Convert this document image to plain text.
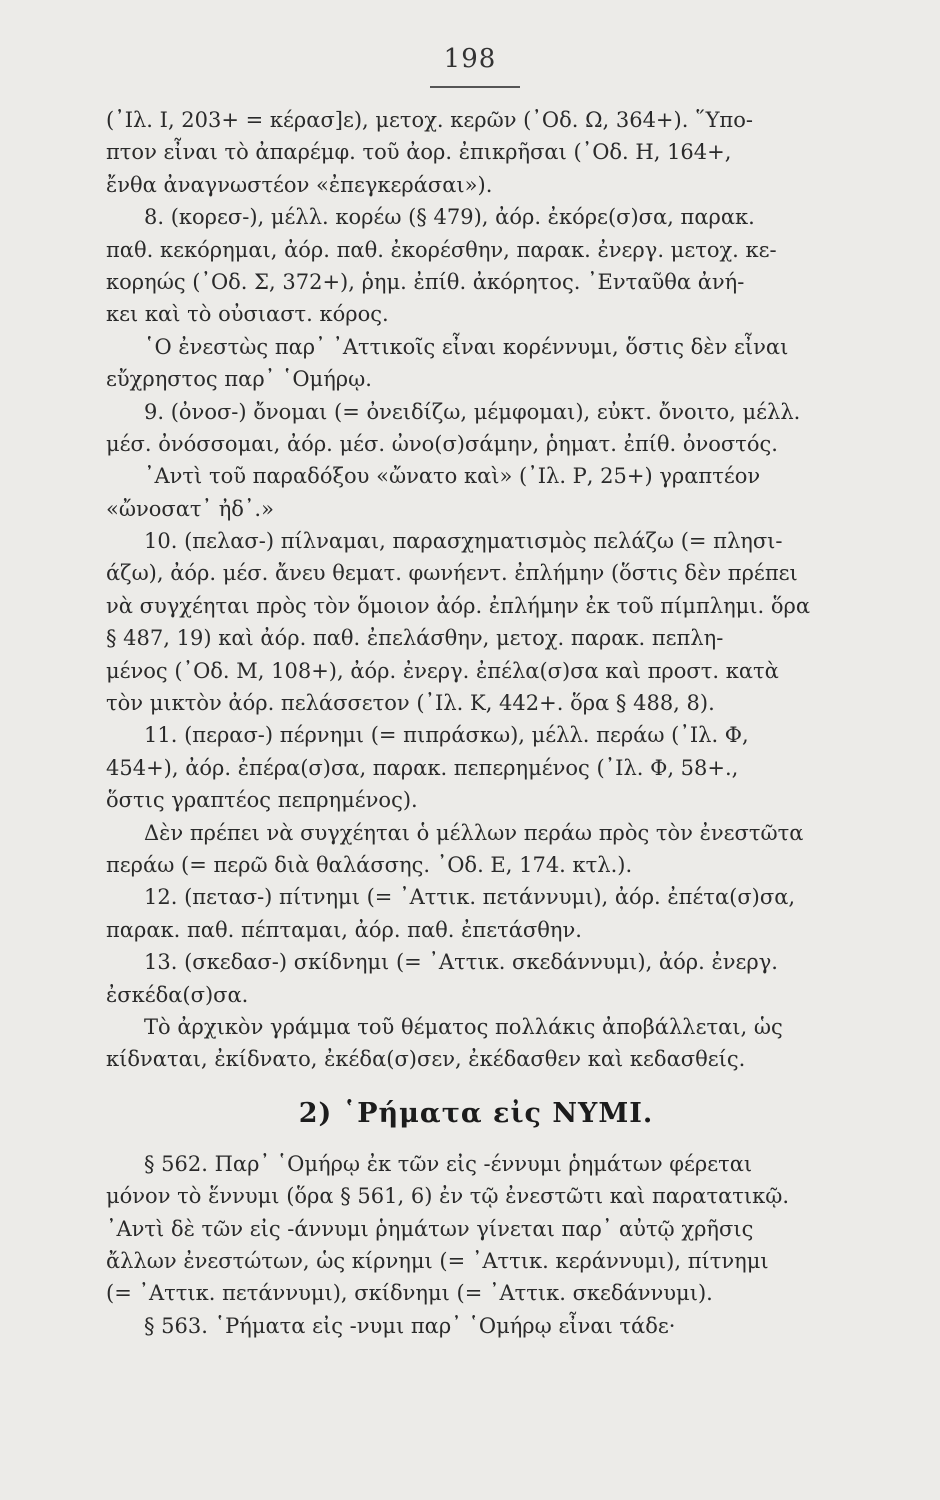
198
(᾿Ιλ. Ι, 203+ = κέρασ]ε), μετοχ. κερῶν (᾿Οδ. Ω, 364+). ῞Υπο-
πτον εἶναι τὸ ἀπαρέμφ. τοῦ ἀορ. ἐπικρῆσαι (᾿Οδ. Η, 164+,
ἔνθα ἀναγνωστέον «ἐπεγκεράσαι»).
8. (κορεσ-), μέλλ. κορέω (§ 479), ἀόρ. ἐκόρε(σ)σα, παρακ.
παθ. κεκόρημαι, ἀόρ. παθ. ἐκορέσθην, παρακ. ἐνεργ. μετοχ. κε-
κορηώς (᾿Οδ. Σ, 372+), ῥημ. ἐπίθ. ἀκόρητος. ᾿Ενταῦθα ἀνή-
κει καὶ τὸ οὐσιαστ. κόρος.
῾Ο ἐνεστὼς παρ᾿ ᾿Αττικοῖς εἶναι κορέννυμι, ὅστις δὲν εἶναι
εὔχρηστος παρ᾿ ῾Ομήρῳ.
9. (ὀνοσ-) ὄνομαι (= ὀνειδίζω, μέμφομαι), εὐκτ. ὄνοιτο, μέλλ.
μέσ. ὀνόσσομαι, ἀόρ. μέσ. ὠνο(σ)σάμην, ῥηματ. ἐπίθ. ὀνοστός.
᾿Αντὶ τοῦ παραδόξου «ὤνατο καὶ» (᾿Ιλ. Ρ, 25+) γραπτέον
«ὤνοσατ᾿ ἠδ᾿.»
10. (πελασ-) πίλναμαι, παρασχηματισμὸς πελάζω (= πλησι-
άζω), ἀόρ. μέσ. ἄνευ θεματ. φωνήεντ. ἐπλήμην (ὅστις δὲν πρέπει
νὰ συγχέηται πρὸς τὸν ὅμοιον ἀόρ. ἐπλήμην ἐκ τοῦ πίμπλημι. ὅρα
§ 487, 19) καὶ ἀόρ. παθ. ἐπελάσθην, μετοχ. παρακ. πεπλη-
μένος (᾿Οδ. Μ, 108+), ἀόρ. ἐνεργ. ἐπέλα(σ)σα καὶ προστ. κατὰ
τὸν μικτὸν ἀόρ. πελάσσετον (᾿Ιλ. Κ, 442+. ὅρα § 488, 8).
11. (περασ-) πέρνημι (= πιπράσκω), μέλλ. περάω (᾿Ιλ. Φ,
454+), ἀόρ. ἐπέρα(σ)σα, παρακ. πεπερημένος (᾿Ιλ. Φ, 58+.,
ὅστις γραπτέος πεπρημένος).
Δὲν πρέπει νὰ συγχέηται ὁ μέλλων περάω πρὸς τὸν ἐνεστῶτα
περάω (= περῶ διὰ θαλάσσης. ᾿Οδ. Ε, 174. κτλ.).
12. (πετασ-) πίτνημι (= ᾿Αττικ. πετάννυμι), ἀόρ. ἐπέτα(σ)σα,
παρακ. παθ. πέπταμαι, ἀόρ. παθ. ἐπετάσθην.
13. (σκεδασ-) σκίδνημι (= ᾿Αττικ. σκεδάννυμι), ἀόρ. ἐνεργ.
ἐσκέδα(σ)σα.
Τὸ ἀρχικὸν γράμμα τοῦ θέματος πολλάκις ἀποβάλλεται, ὡς
κίδναται, ἐκίδνατο, ἐκέδα(σ)σεν, ἐκέδασθεν καὶ κεδασθείς.
2) ῾Ρήματα εἰς ΝΥΜΙ.
§ 562. Παρ᾿ ῾Ομήρῳ ἐκ τῶν εἰς -έννυμι ῥημάτων φέρεται
μόνον τὸ ἕννυμι (ὅρα § 561, 6) ἐν τῷ ἐνεστῶτι καὶ παρατατικῷ.
᾿Αντὶ δὲ τῶν εἰς -άννυμι ῥημάτων γίνεται παρ᾿ αὐτῷ χρῆσις
ἄλλων ἐνεστώτων, ὡς κίρνημι (= ᾿Αττικ. κεράννυμι), πίτνημι
(= ᾿Αττικ. πετάννυμι), σκίδνημι (= ᾿Αττικ. σκεδάννυμι).
§ 563. ῾Ρήματα εἰς -νυμι παρ᾿ ῾Ομήρῳ εἶναι τάδε·
